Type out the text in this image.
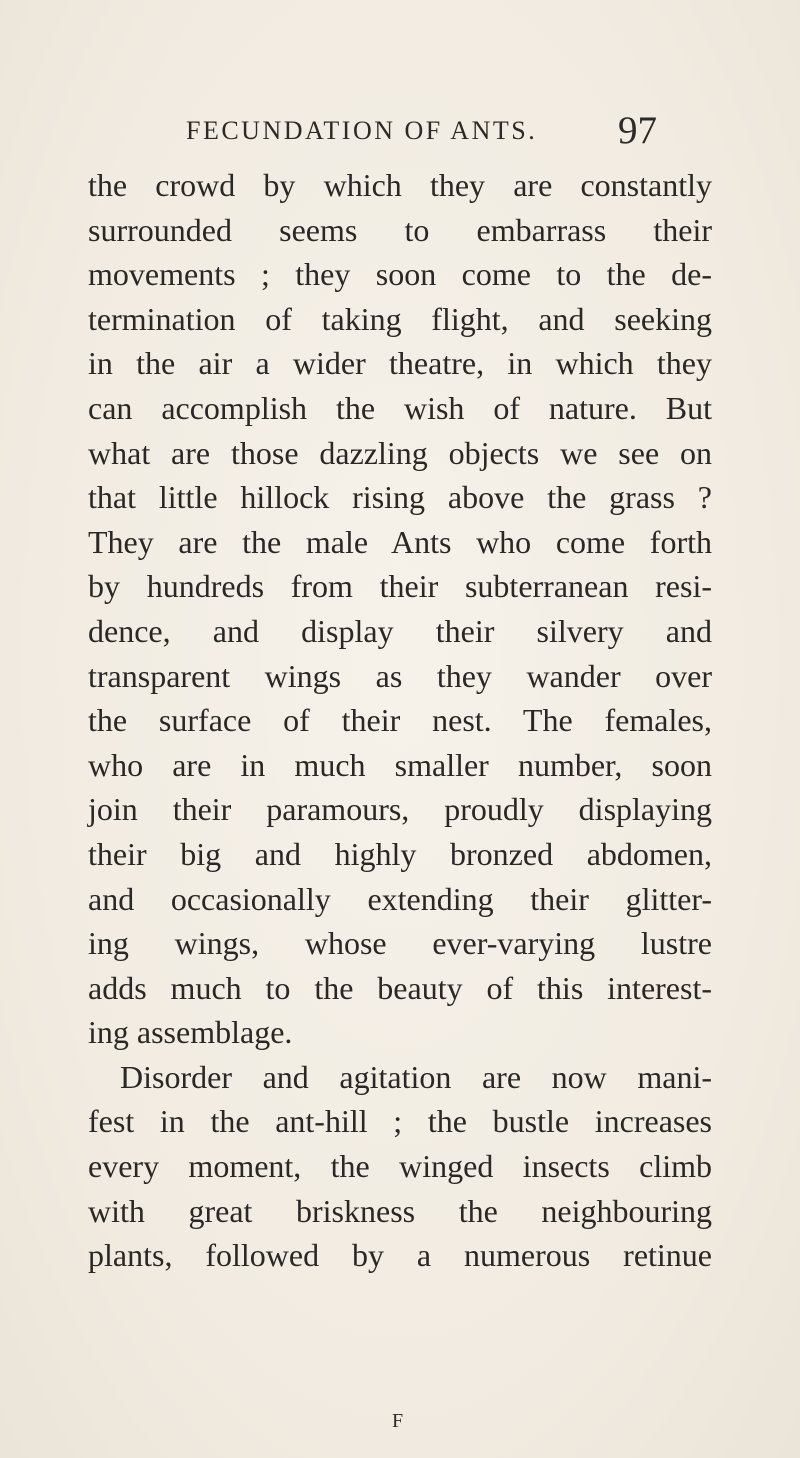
FECUNDATION OF ANTS. 97
the crowd by which they are constantly
surrounded seems to embarrass their
movements ; they soon come to the de-
termination of taking flight, and seeking
in the air a wider theatre, in which they
can accomplish the wish of nature. But
what are those dazzling objects we see on
that little hillock rising above the grass ?
They are the male Ants who come forth
by hundreds from their subterranean resi-
dence, and display their silvery and
transparent wings as they wander over
the surface of their nest. The females,
who are in much smaller number, soon
join their paramours, proudly displaying
their big and highly bronzed abdomen,
and occasionally extending their glitter-
ing wings, whose ever-varying lustre
adds much to the beauty of this interest-
ing assemblage.
Disorder and agitation are now mani-
fest in the ant-hill ; the bustle increases
every moment, the winged insects climb
with great briskness the neighbouring
plants, followed by a numerous retinue
F
